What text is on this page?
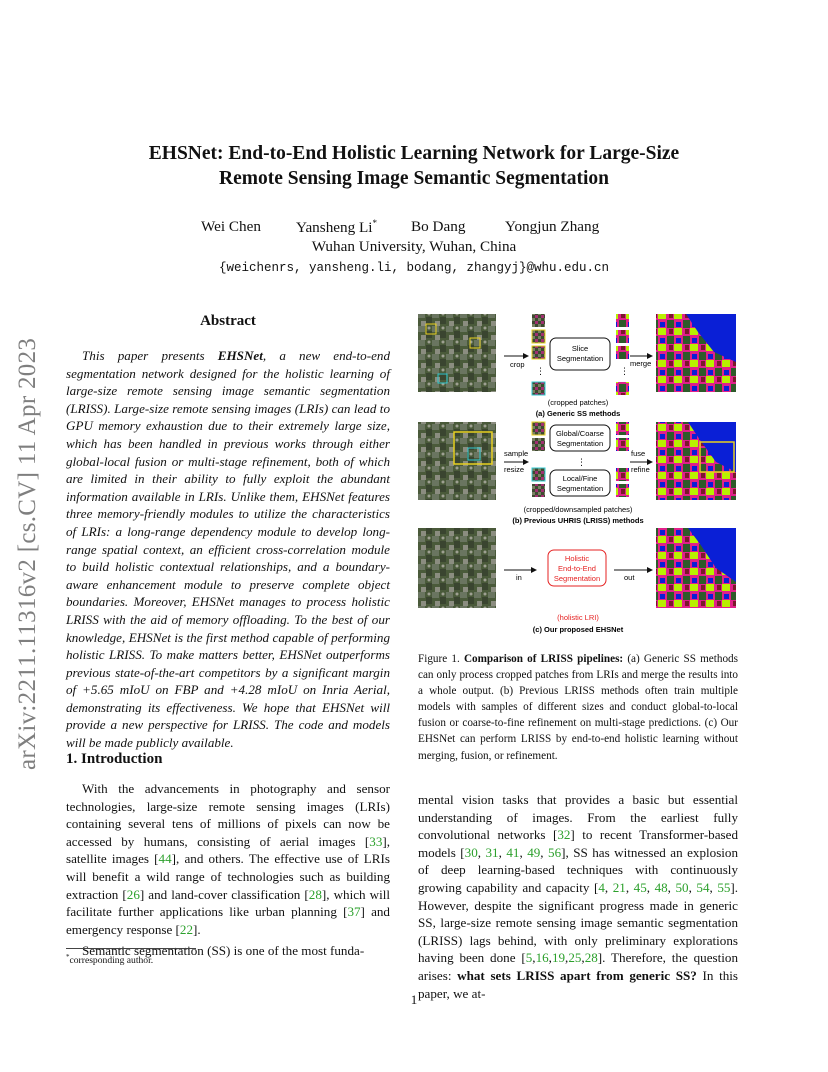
arXiv:2211.11316v2 [cs.CV] 11 Apr 2023
EHSNet: End-to-End Holistic Learning Network for Large-Size
Remote Sensing Image Semantic Segmentation
Wei Chen Yansheng Li* Bo Dang	Yongjun Zhang
Wuhan University, Wuhan, China
{weichenrs, yansheng.li, bodang, zhangyj}@whu.edu.cn
Abstract
This paper presents EHSNet, a new end-to-end segmentation network designed for the holistic learning of large-size remote sensing image semantic segmentation (LRISS). Large-size remote sensing images (LRIs) can lead to GPU memory exhaustion due to their extremely large size, which has been handled in previous works through either global-local fusion or multi-stage refinement, both of which are limited in their ability to fully exploit the abundant information available in LRIs. Unlike them, EHSNet features three memory-friendly modules to utilize the characteristics of LRIs: a long-range dependency module to develop long-range spatial context, an efficient cross-correlation module to build holistic contextual relationships, and a boundary-aware enhancement module to preserve complete object boundaries. Moreover, EHSNet manages to process holistic LRISS with the aid of memory offloading. To the best of our knowledge, EHSNet is the first method capable of performing holistic LRISS. To make matters better, EHSNet outperforms previous state-of-the-art competitors by a significant margin of +5.65 mIoU on FBP and +4.28 mIoU on Inria Aerial, demonstrating its effectiveness. We hope that EHSNet will provide a new perspective for LRISS. The code and models will be made publicly available.
1. Introduction

With the advancements in photography and sensor technologies, large-size remote sensing images (LRIs) containing several tens of millions of pixels can now be accessed by humans, consisting of aerial images [33], satellite images [44], and others. The effective use of LRIs will benefit a wild range of technologies such as building extraction [26] and land-cover classification [28], which will facilitate further applications like urban planning [37] and emergency response [22].

Semantic segmentation (SS) is one of the most funda-

mental vision tasks that provides a basic but essential understanding of images. From the earliest fully convolutional networks [32] to recent Transformer-based models [30, 31, 41, 49, 56], SS has witnessed an explosion of deep learning-based techniques with continuously growing capability and capacity [4, 21, 45, 48, 50, 54, 55]. However, despite the significant progress made in generic SS, large-size remote sensing image semantic segmentation (LRISS) lags behind, with only preliminary explorations having been done [5,16,19,25,28]. Therefore, the question arises: what sets LRISS apart from generic SS? In this paper, we at-
*corresponding author.
1
crop
⋮
Slice
Segmentation
⋮
merge
(cropped patches)
(a) Generic SS methods
sample
resize
Global/Coarse
Segmentation
⋮
Local/Fine
Segmentation
fuse
refine
(cropped/downsampled patches)
(b) Previous UHRIS (LRISS) methods
in
Holistic
End-to-End
Segmentation	out
(holistic LRI)
(c) Our proposed EHSNet
Figure 1. Comparison of LRISS pipelines: (a) Generic SS methods can only process cropped patches from LRIs and merge the results into a whole output. (b) Previous LRISS methods often train multiple models with samples of different sizes and conduct global-to-local fusion or coarse-to-fine refinement on multi-stage predictions. (c) Our EHSNet can perform LRISS by end-to-end holistic learning without merging, fusion, or refinement.
